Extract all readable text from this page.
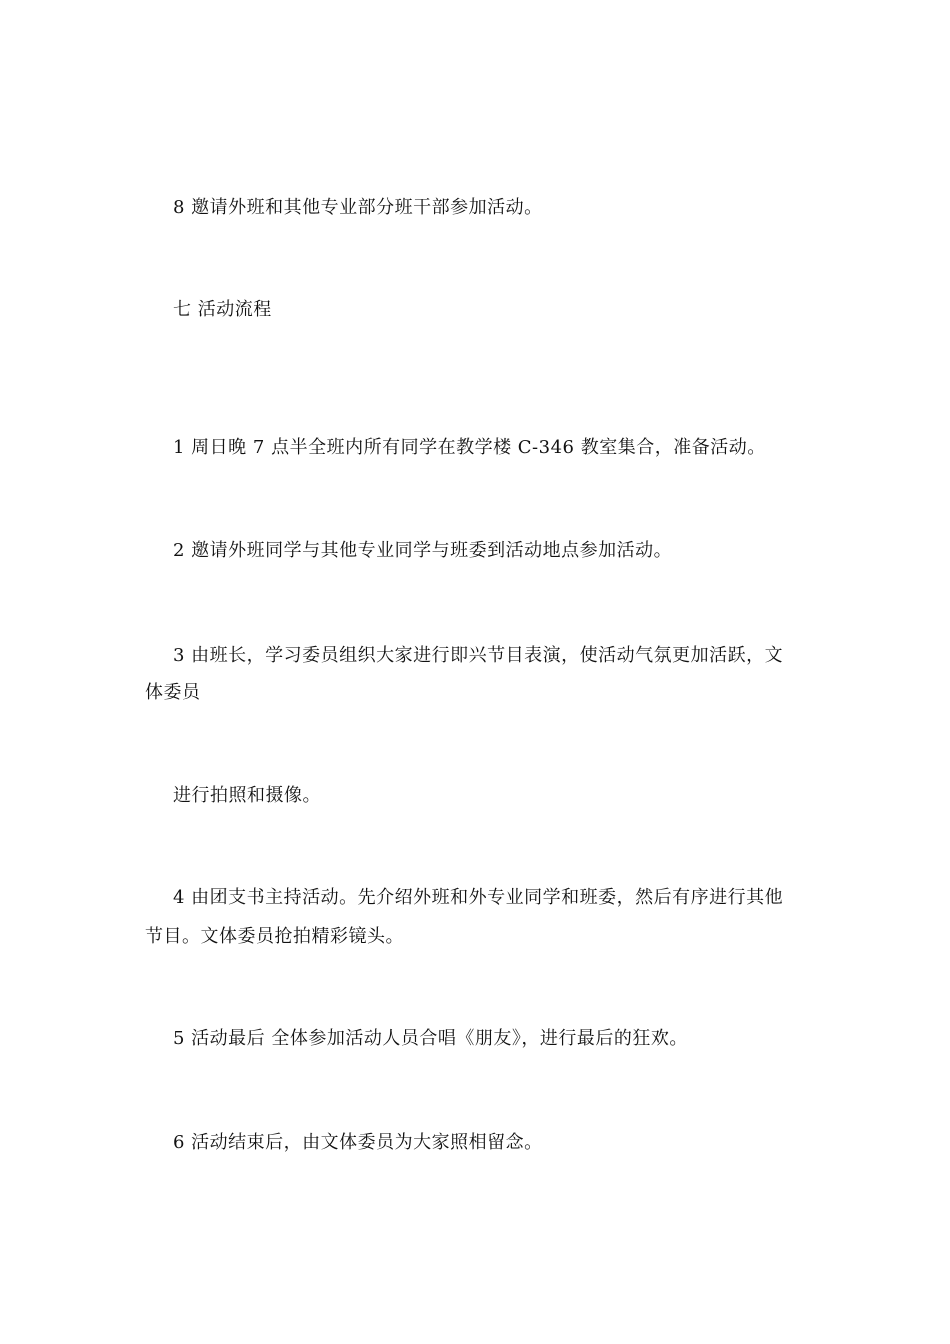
8 邀请外班和其他专业部分班干部参加活动。
七 活动流程
1 周日晚 7 点半全班内所有同学在教学楼 C-346 教室集合，准备活动。
2 邀请外班同学与其他专业同学与班委到活动地点参加活动。
3 由班长，学习委员组织大家进行即兴节目表演，使活动气氛更加活跃，文
体委员
进行拍照和摄像。
4 由团支书主持活动。先介绍外班和外专业同学和班委，然后有序进行其他
节目。文体委员抢拍精彩镜头。
5 活动最后 全体参加活动人员合唱《朋友》，进行最后的狂欢。
6 活动结束后，由文体委员为大家照相留念。
